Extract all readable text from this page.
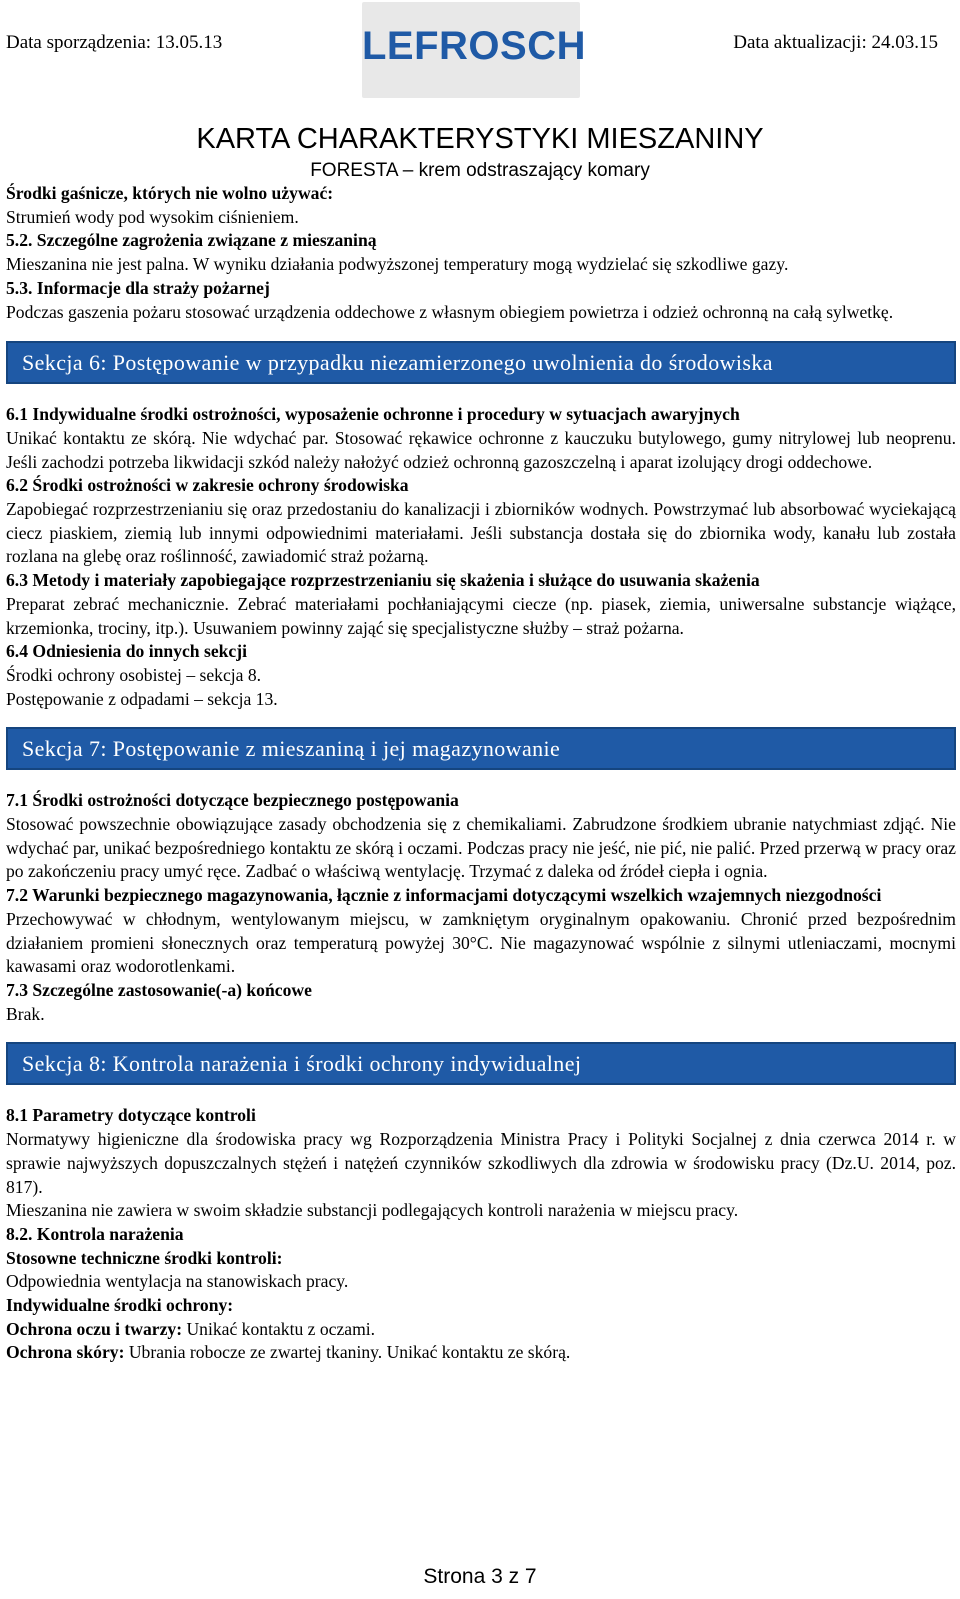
Data sporządzenia: 13.05.13	LEFROSCH	Data aktualizacji: 24.03.15
KARTA CHARAKTERYSTYKI MIESZANINY
FORESTA – krem odstraszający komary

Środki gaśnicze, których nie wolno używać:

Strumień wody pod wysokim ciśnieniem.

5.2. Szczególne zagrożenia związane z mieszaniną

Mieszanina nie jest palna. W wyniku działania podwyższonej temperatury mogą wydzielać się szkodliwe gazy.

5.3. Informacje dla straży pożarnej

Podczas gaszenia pożaru stosować urządzenia oddechowe z własnym obiegiem powietrza i odzież ochronną na całą sylwetkę.

Sekcja 6: Postępowanie w przypadku niezamierzonego uwolnienia do środowiska

6.1 Indywidualne środki ostrożności, wyposażenie ochronne i procedury w sytuacjach awaryjnych

Unikać kontaktu ze skórą. Nie wdychać par. Stosować rękawice ochronne z kauczuku butylowego, gumy nitrylowej lub neoprenu. Jeśli zachodzi potrzeba likwidacji szkód należy nałożyć odzież ochronną gazoszczelną i aparat izolujący drogi oddechowe.

6.2 Środki ostrożności w zakresie ochrony środowiska

Zapobiegać rozprzestrzenianiu się oraz przedostaniu do kanalizacji i zbiorników wodnych. Powstrzymać lub absorbować wyciekającą ciecz piaskiem, ziemią lub innymi odpowiednimi materiałami. Jeśli substancja dostała się do zbiornika wody, kanału lub została rozlana na glebę oraz roślinność, zawiadomić straż pożarną.

6.3 Metody i materiały zapobiegające rozprzestrzenianiu się skażenia i służące do usuwania skażenia

Preparat zebrać mechanicznie. Zebrać materiałami pochłaniającymi ciecze (np. piasek, ziemia, uniwersalne substancje wiążące, krzemionka, trociny, itp.). Usuwaniem powinny zająć się specjalistyczne służby – straż pożarna.

6.4 Odniesienia do innych sekcji

Środki ochrony osobistej – sekcja 8.

Postępowanie z odpadami – sekcja 13.

Sekcja 7: Postępowanie z mieszaniną i jej magazynowanie

7.1 Środki ostrożności dotyczące bezpiecznego postępowania

Stosować powszechnie obowiązujące zasady obchodzenia się z chemikaliami. Zabrudzone środkiem ubranie natychmiast zdjąć. Nie wdychać par, unikać bezpośredniego kontaktu ze skórą i oczami. Podczas pracy nie jeść, nie pić, nie palić. Przed przerwą w pracy oraz po zakończeniu pracy umyć ręce. Zadbać o właściwą wentylację. Trzymać z daleka od źródeł ciepła i ognia.

7.2 Warunki bezpiecznego magazynowania, łącznie z informacjami dotyczącymi wszelkich wzajemnych niezgodności

Przechowywać w chłodnym, wentylowanym miejscu, w zamkniętym oryginalnym opakowaniu. Chronić przed bezpośrednim działaniem promieni słonecznych oraz temperaturą powyżej 30°C. Nie magazynować wspólnie z silnymi utleniaczami, mocnymi kawasami oraz wodorotlenkami.

7.3 Szczególne zastosowanie(-a) końcowe

Brak.

Sekcja 8: Kontrola narażenia i środki ochrony indywidualnej

8.1 Parametry dotyczące kontroli

Normatywy higieniczne dla środowiska pracy wg Rozporządzenia Ministra Pracy i Polityki Socjalnej z dnia czerwca 2014 r. w sprawie najwyższych dopuszczalnych stężeń i natężeń czynników szkodliwych dla zdrowia w środowisku pracy (Dz.U. 2014, poz. 817).

Mieszanina nie zawiera w swoim składzie substancji podlegających kontroli narażenia w miejscu pracy.

8.2. Kontrola narażenia

Stosowne techniczne środki kontroli:

Odpowiednia wentylacja na stanowiskach pracy.

Indywidualne środki ochrony:

Ochrona oczu i twarzy: Unikać kontaktu z oczami.

Ochrona skóry: Ubrania robocze ze zwartej tkaniny. Unikać kontaktu ze skórą.

Strona 3 z 7
